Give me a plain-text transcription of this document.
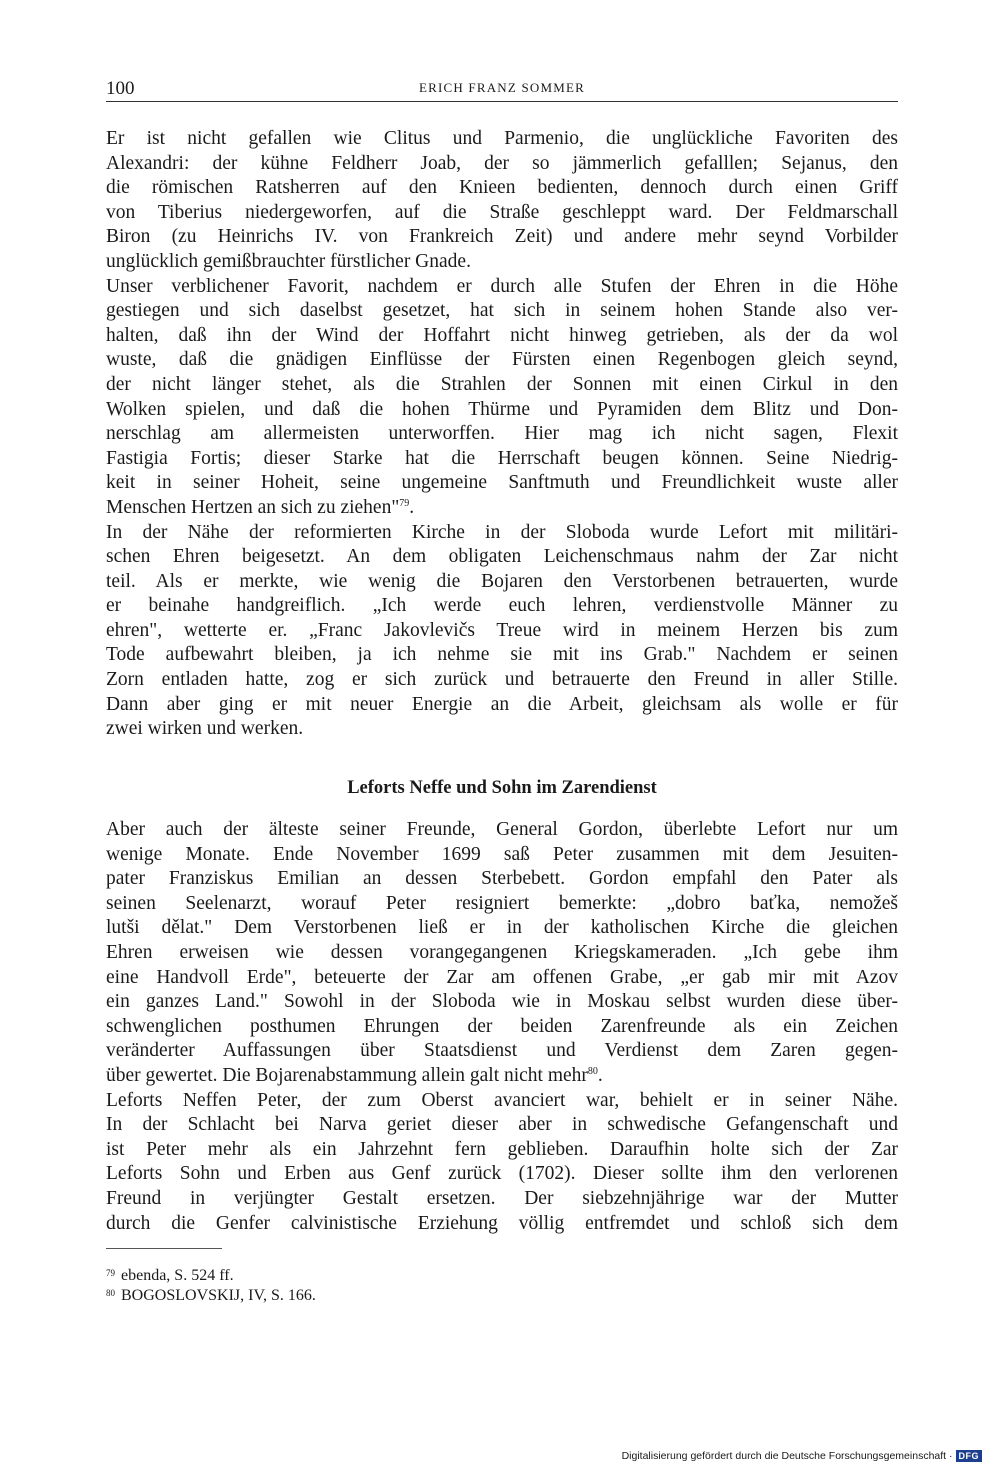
100	ERICH FRANZ SOMMER
Er ist nicht gefallen wie Clitus und Parmenio, die unglückliche Favoriten des
Alexandri: der kühne Feldherr Joab, der so jämmerlich gefalllen; Sejanus, den
die römischen Ratsherren auf den Knieen bedienten, dennoch durch einen Griff
von Tiberius niedergeworfen, auf die Straße geschleppt ward. Der Feldmarschall
Biron (zu Heinrichs IV. von Frankreich Zeit) und andere mehr seynd Vorbilder
unglücklich gemißbrauchter fürstlicher Gnade.
Unser verblichener Favorit, nachdem er durch alle Stufen der Ehren in die Höhe
gestiegen und sich daselbst gesetzet, hat sich in seinem hohen Stande also ver-
halten, daß ihn der Wind der Hoffahrt nicht hinweg getrieben, als der da wol
wuste, daß die gnädigen Einflüsse der Fürsten einen Regenbogen gleich seynd,
der nicht länger stehet, als die Strahlen der Sonnen mit einen Cirkul in den
Wolken spielen, und daß die hohen Thürme und Pyramiden dem Blitz und Don-
nerschlag am allermeisten unterworffen. Hier mag ich nicht sagen, Flexit
Fastigia Fortis; dieser Starke hat die Herrschaft beugen können. Seine Niedrig-
keit in seiner Hoheit, seine ungemeine Sanftmuth und Freundlichkeit wuste aller
Menschen Hertzen an sich zu ziehen"$^{79}$.
In der Nähe der reformierten Kirche in der Sloboda wurde Lefort mit militäri-
schen Ehren beigesetzt. An dem obligaten Leichenschmaus nahm der Zar nicht
teil. Als er merkte, wie wenig die Bojaren den Verstorbenen betrauerten, wurde
er beinahe handgreiflich. „Ich werde euch lehren, verdienstvolle Männer zu
ehren", wetterte er. „Franc Jakovlevičs Treue wird in meinem Herzen bis zum
Tode aufbewahrt bleiben, ja ich nehme sie mit ins Grab." Nachdem er seinen
Zorn entladen hatte, zog er sich zurück und betrauerte den Freund in aller Stille.
Dann aber ging er mit neuer Energie an die Arbeit, gleichsam als wolle er für
zwei wirken und werken.
Leforts Neffe und Sohn im Zarendienst
Aber auch der älteste seiner Freunde, General Gordon, überlebte Lefort nur um
wenige Monate. Ende November 1699 saß Peter zusammen mit dem Jesuiten-
pater Franziskus Emilian an dessen Sterbebett. Gordon empfahl den Pater als
seinen Seelenarzt, worauf Peter resigniert bemerkte: „dobro baťka, nemožeš
lutši dělat." Dem Verstorbenen ließ er in der katholischen Kirche die gleichen
Ehren erweisen wie dessen vorangegangenen Kriegskameraden. „Ich gebe ihm
eine Handvoll Erde", beteuerte der Zar am offenen Grabe, „er gab mir mit Azov
ein ganzes Land." Sowohl in der Sloboda wie in Moskau selbst wurden diese über-
schwenglichen posthumen Ehrungen der beiden Zarenfreunde als ein Zeichen
veränderter Auffassungen über Staatsdienst und Verdienst dem Zaren gegen-
über gewertet. Die Bojarenabstammung allein galt nicht mehr$^{80}$.
Leforts Neffen Peter, der zum Oberst avanciert war, behielt er in seiner Nähe.
In der Schlacht bei Narva geriet dieser aber in schwedische Gefangenschaft und
ist Peter mehr als ein Jahrzehnt fern geblieben. Daraufhin holte sich der Zar
Leforts Sohn und Erben aus Genf zurück (1702). Dieser sollte ihm den verlorenen
Freund in verjüngter Gestalt ersetzen. Der siebzehnjährige war der Mutter
durch die Genfer calvinistische Erziehung völlig entfremdet und schloß sich dem
$^{79}$ ebenda, S. 524 ff.
$^{80}$ BOGOSLOVSKIJ, IV, S. 166.
Digitalisierung gefördert durch die Deutsche Forschungsgemeinschaft · DFG
